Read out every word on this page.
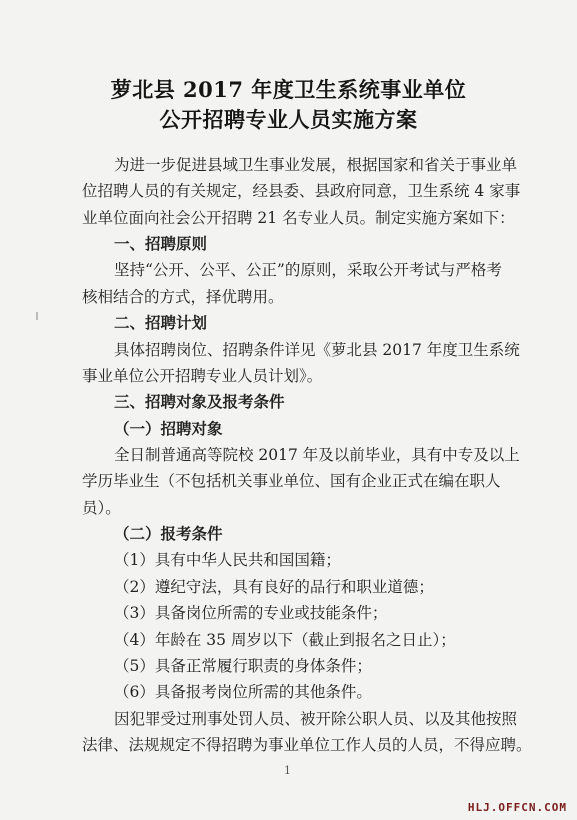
萝北县 2017 年度卫生系统事业单位
公开招聘专业人员实施方案
为进一步促进县域卫生事业发展，根据国家和省关于事业单
位招聘人员的有关规定，经县委、县政府同意，卫生系统 4 家事
业单位面向社会公开招聘 21 名专业人员。制定实施方案如下：
一、招聘原则
坚持“公开、公平、公正”的原则，采取公开考试与严格考
核相结合的方式，择优聘用。
二、招聘计划
具体招聘岗位、招聘条件详见《萝北县 2017 年度卫生系统
事业单位公开招聘专业人员计划》。
三、招聘对象及报考条件
（一）招聘对象
全日制普通高等院校 2017 年及以前毕业，具有中专及以上
学历毕业生（不包括机关事业单位、国有企业正式在编在职人
员）。
（二）报考条件
（1）具有中华人民共和国国籍；
（2）遵纪守法，具有良好的品行和职业道德；
（3）具备岗位所需的专业或技能条件；
（4）年龄在 35 周岁以下（截止到报名之日止）；
（5）具备正常履行职责的身体条件；
（6）具备报考岗位所需的其他条件。
因犯罪受过刑事处罚人员、被开除公职人员、以及其他按照
法律、法规规定不得招聘为事业单位工作人员的人员，不得应聘。
1
HLJ.OFFCN.COM
